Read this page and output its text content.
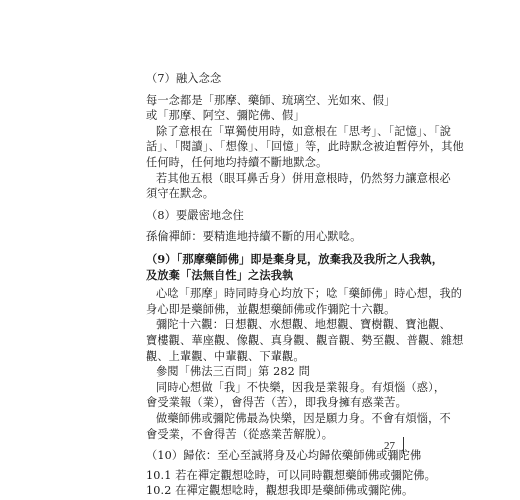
（7）融入念念
每一念都是「那摩、藥師、琉璃空、光如來、假」
或「那摩、阿空、彌陀佛、假」
除了意根在「單獨使用時，如意根在「思考」、「記憶」、「說
話」、「閱讀」、「想像」、「回憶」等，此時默念被迫暫停外，其他
任何時，任何地均持續不斷地默念。
若其他五根（眼耳鼻舌身）併用意根時，仍然努力讓意根必
須守在默念。
（8）要嚴密地念住
孫倫禪師：要精進地持續不斷的用心默唸。
（9）「那摩藥師佛」即是棄身見，放棄我及我所之人我執，
及放棄「法無自性」之法我執
心唸「那摩」時同時身心均放下；唸「藥師佛」時心想，我的
身心即是藥師佛，並觀想藥師佛或作彌陀十六觀。
彌陀十六觀：日想觀、水想觀、地想觀、寶樹觀、寶池觀、
寶樓觀、華座觀、像觀、真身觀、觀音觀、勢至觀、普觀、雜想
觀、上輩觀、中輩觀、下輩觀。
參閱「佛法三百問」第 282 問
同時心想做「我」不快樂，因我是業報身。有煩惱（惑），
會受業報（業），會得苦（苦），即我身擁有惑業苦。
27
做藥師佛或彌陀佛最為快樂，因是願力身。不會有煩惱，不
會受業，不會得苦（從惑業苦解脫）。
（10）歸依：至心至誠將身及心均歸依藥師佛或彌陀佛
10.1 若在禪定觀想唸時，可以同時觀想藥師佛或彌陀佛。
10.2 在禪定觀想唸時，觀想我即是藥師佛或彌陀佛。
